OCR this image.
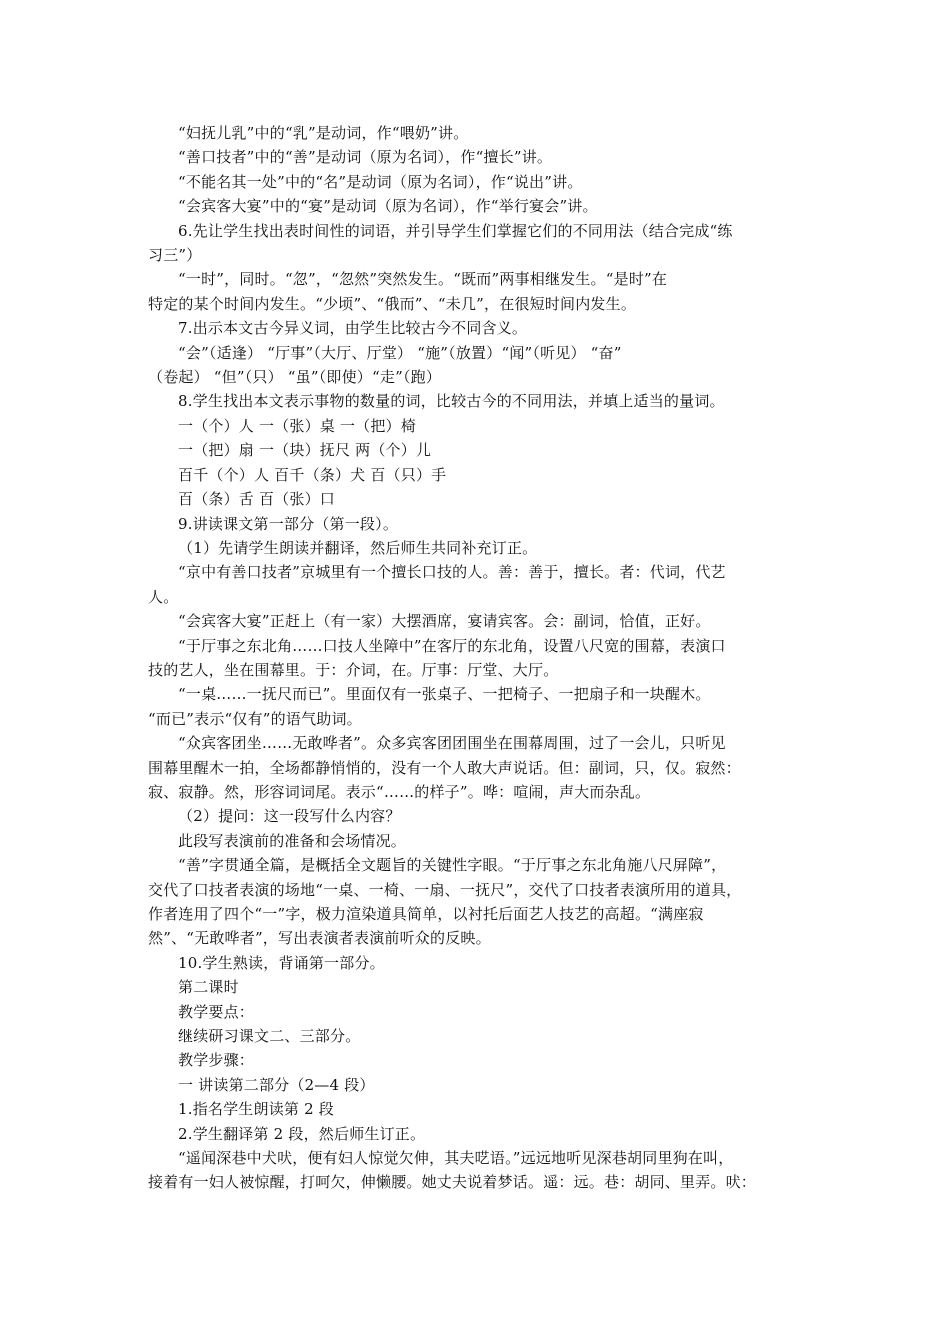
“妇抚儿乳”中的“乳”是动词，作“喂奶”讲。
“善口技者”中的“善”是动词（原为名词），作“擅长”讲。
“不能名其一处”中的“名”是动词（原为名词），作“说出”讲。
“会宾客大宴”中的“宴”是动词（原为名词），作“举行宴会”讲。
6.先让学生找出表时间性的词语，并引导学生们掌握它们的不同用法（结合完成“练
习三”）
“一时”，同时。“忽”，“忽然”突然发生。“既而”两事相继发生。“是时”在
特定的某个时间内发生。“少顷”、“俄而”、“未几”，在很短时间内发生。
7.出示本文古今异义词，由学生比较古今不同含义。
“会”（适逢） “厅事”（大厅、厅堂） “施”（放置）“闻”（听见） “奋”
（卷起） “但”（只） “虽”（即使）“走”（跑）
8.学生找出本文表示事物的数量的词，比较古今的不同用法，并填上适当的量词。
一（个）人 一（张）桌 一（把）椅
一（把）扇 一（块）抚尺 两（个）儿
百千（个）人 百千（条）犬 百（只）手
百（条）舌 百（张）口
9.讲读课文第一部分（第一段）。
（1）先请学生朗读并翻译，然后师生共同补充订正。
“京中有善口技者”京城里有一个擅长口技的人。善：善于，擅长。者：代词，代艺
人。
“会宾客大宴”正赶上（有一家）大摆酒席，宴请宾客。会：副词，恰值，正好。
“于厅事之东北角……口技人坐障中”在客厅的东北角，设置八尺宽的围幕，表演口
技的艺人，坐在围幕里。于：介词，在。厅事：厅堂、大厅。
“一桌……一抚尺而已”。里面仅有一张桌子、一把椅子、一把扇子和一块醒木。
“而已”表示“仅有”的语气助词。
“众宾客团坐……无敢哗者”。众多宾客团团围坐在围幕周围，过了一会儿，只听见
围幕里醒木一拍，全场都静悄悄的，没有一个人敢大声说话。但：副词，只，仅。寂然：
寂、寂静。然，形容词词尾。表示“……的样子”。哗：喧闹，声大而杂乱。
（2）提问：这一段写什么内容？
此段写表演前的准备和会场情况。
“善”字贯通全篇，是概括全文题旨的关键性字眼。“于厅事之东北角施八尺屏障”，
交代了口技者表演的场地“一桌、一椅、一扇、一抚尺”，交代了口技者表演所用的道具，
作者连用了四个“一”字，极力渲染道具简单，以衬托后面艺人技艺的高超。“满座寂
然”、“无敢哗者”，写出表演者表演前听众的反映。
10.学生熟读，背诵第一部分。
第二课时
教学要点：
继续研习课文二、三部分。
教学步骤：
一 讲读第二部分（2—4 段）
1.指名学生朗读第 2 段
2.学生翻译第 2 段，然后师生订正。
“遥闻深巷中犬吠，便有妇人惊觉欠伸，其夫呓语。”远远地听见深巷胡同里狗在叫，
接着有一妇人被惊醒，打呵欠，伸懒腰。她丈夫说着梦话。遥：远。巷：胡同、里弄。吠：
